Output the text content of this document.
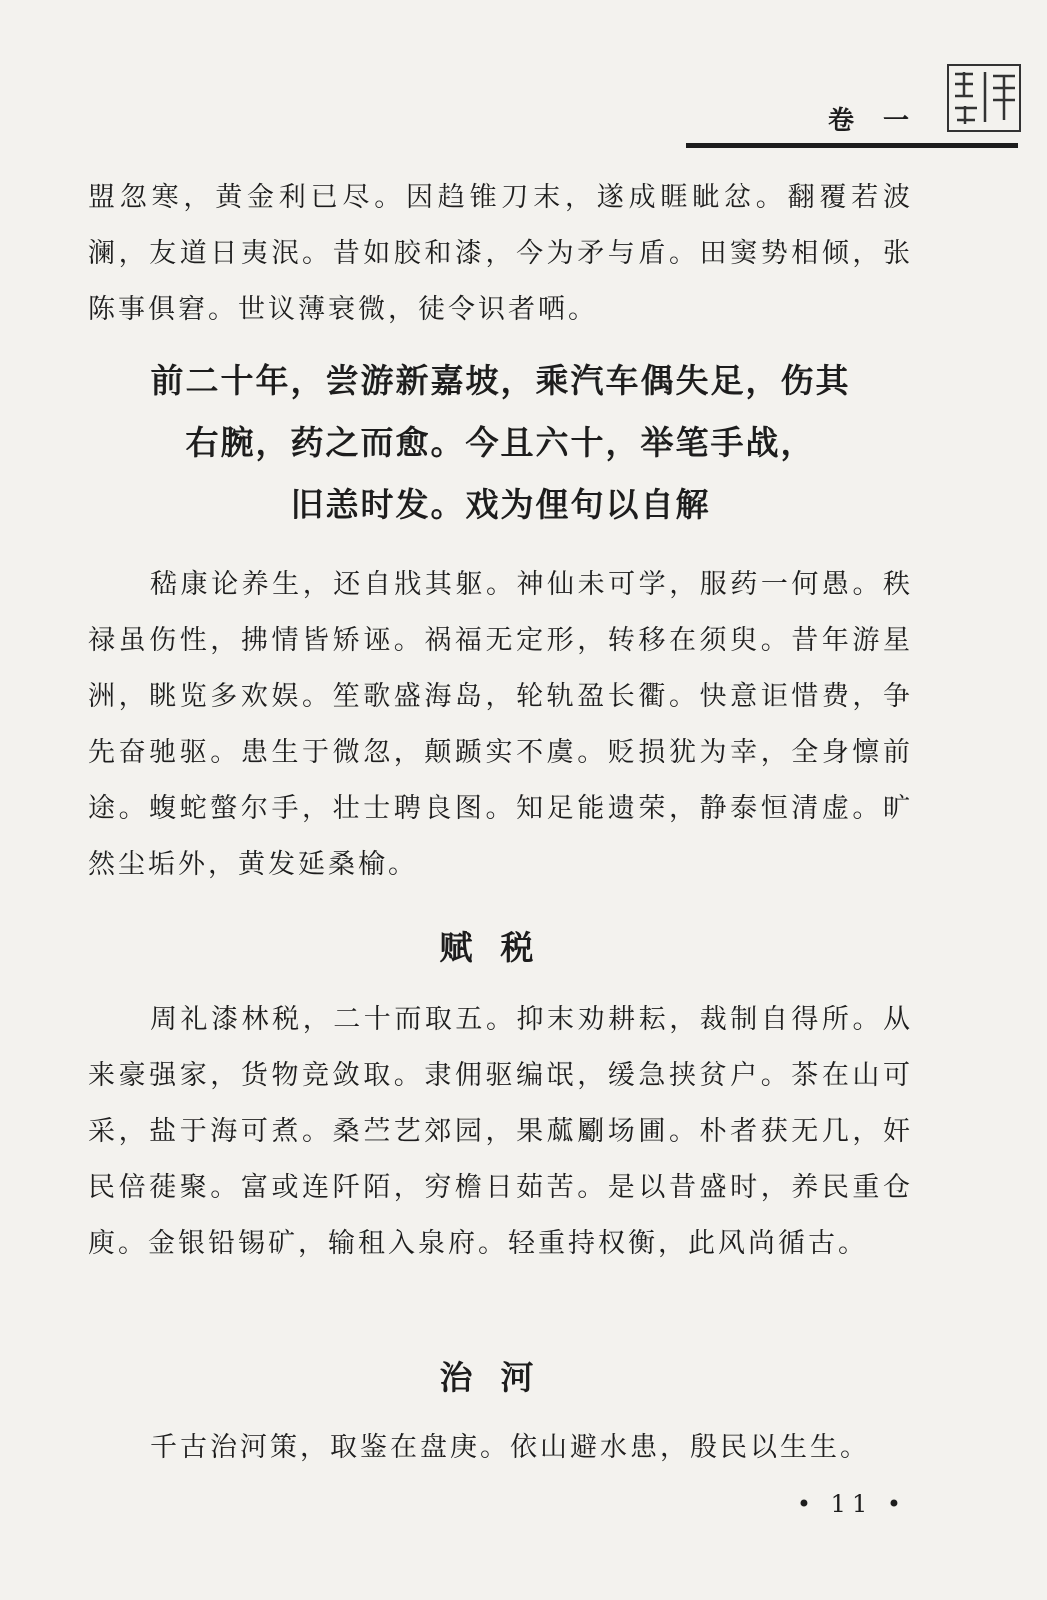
卷 一
盟忽寒，黄金利已尽。因趋锥刀末，遂成睚眦忿。翻覆若波澜，友道日夷泯。昔如胶和漆，今为矛与盾。田窦势相倾，张陈事俱窘。世议薄衰微，徒令识者哂。
前二十年，尝游新嘉坡，乘汽车偶失足，伤其
右腕，药之而愈。今且六十，举笔手战，
旧恙时发。戏为俚句以自解
嵇康论养生，还自戕其躯。神仙未可学，服药一何愚。秩禄虽伤性，拂情皆矫诬。祸福无定形，转移在须臾。昔年游星洲，眺览多欢娱。笙歌盛海岛，轮轨盈长衢。快意讵惜费，争先奋驰驱。患生于微忽，颠踬实不虞。贬损犹为幸，全身懔前途。蝮蛇螫尔手，壮士聘良图。知足能遗荣，静泰恒清虚。旷然尘垢外，黄发延桑榆。
赋税
周礼漆林税，二十而取五。抑末劝耕耘，裁制自得所。从来豪强家，货物竞敛取。隶佣驱编氓，缓急挟贫户。茶在山可采，盐于海可煮。桑苎艺郊园，果蓏劚场圃。朴者获无几，奸民倍蓰聚。富或连阡陌，穷檐日茹苦。是以昔盛时，养民重仓庾。金银铅锡矿，输租入泉府。轻重持权衡，此风尚循古。
治河
千古治河策，取鉴在盘庚。依山避水患，殷民以生生。
• 11 •
